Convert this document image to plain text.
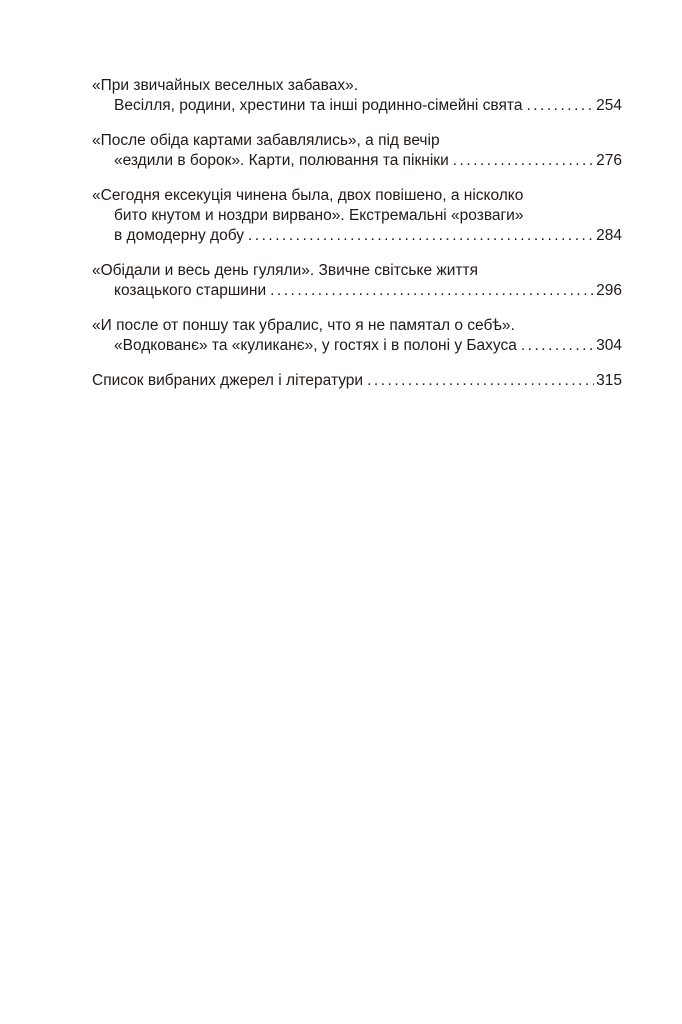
«При звичайных веселных забавах».
Весілля, родини, хрестини та інші родинно-сімейні свята .....	254
«После обіда картами забавлялись», а під вечір
«ездили в борок». Карти, полювання та пікніки .....	276
«Сегодня ексекуція чинена была, двох повішено, а нісколко
бито кнутом и ноздри вирвано». Екстремальні «розваги»
в домодерну добу .....	284
«Обідали и весь день гуляли». Звичне світське життя
козацького старшини .....	296
«И после от поншу так убралис, что я не памятал о себѣ».
«Водкованє» та «куликанє», у гостях і в полоні у Бахуса .....	304
Список вибраних джерел і літератури .....	315
